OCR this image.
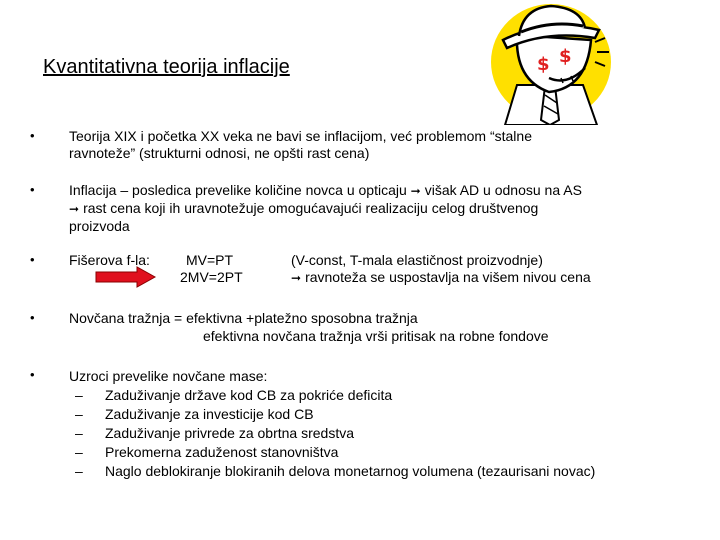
Kvantitativna teorija inflacije	$ $
• Teorija XIX i početka XX veka ne bavi se inflacijom, već problemom “stalne
ravnoteže” (strukturni odnosi, ne opšti rast cena)
• Inflacija – posledica prevelike količine novca u opticaju ➞ višak AD u odnosu na AS
➞ rast cena koji ih uravnotežuje omogućavajući realizaciju celog društvenog
proizvoda
• Fišerova f-la:	MV=PT
2MV=2PT
(V-const, T-mala elastičnost proizvodnje)
➞ ravnoteža se uspostavlja na višem nivou cena
• Novčana tražnja = efektivna +platežno sposobna tražnja
efektivna novčana tražnja vrši pritisak na robne fondove
• Uzroci prevelike novčane mase:
– Zaduživanje države kod CB za pokriće deficita
– Zaduživanje za investicije kod CB
– Zaduživanje privrede za obrtna sredstva
– Prekomerna zaduženost stanovništva
– Naglo deblokiranje blokiranih delova monetarnog volumena (tezaurisani novac)
